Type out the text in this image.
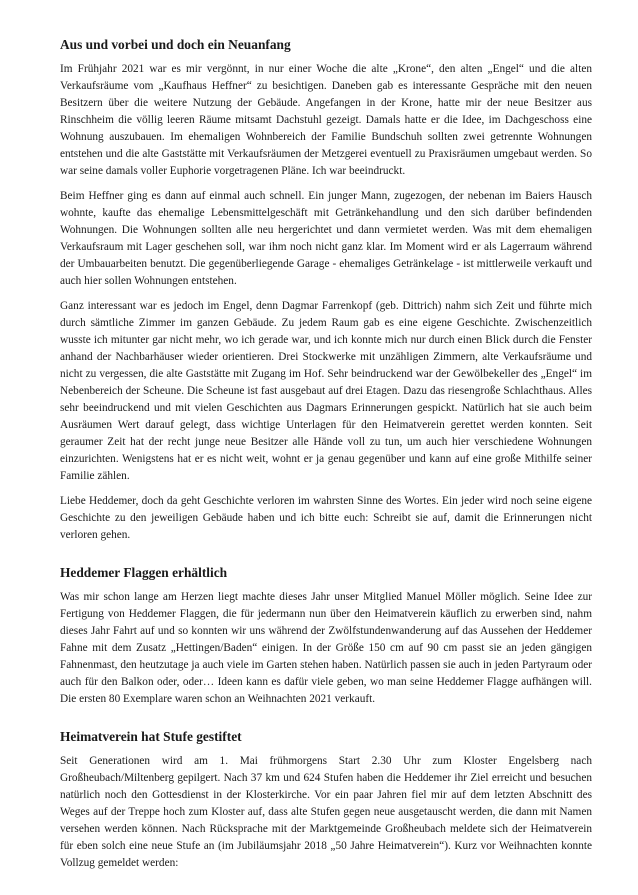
Aus und vorbei und doch ein Neuanfang

Im Frühjahr 2021 war es mir vergönnt, in nur einer Woche die alte „Krone“, den alten „Engel“ und die alten Verkaufsräume vom „Kaufhaus Heffner“ zu besichtigen. Daneben gab es interessante Gespräche mit den neuen Besitzern über die weitere Nutzung der Gebäude. Angefangen in der Krone, hatte mir der neue Besitzer aus Rinschheim die völlig leeren Räume mitsamt Dachstuhl gezeigt. Damals hatte er die Idee, im Dachgeschoss eine Wohnung auszubauen. Im ehemaligen Wohnbereich der Familie Bundschuh sollten zwei getrennte Wohnungen entstehen und die alte Gaststätte mit Verkaufsräumen der Metzgerei eventuell zu Praxisräumen umgebaut werden. So war seine damals voller Euphorie vorgetragenen Pläne. Ich war beeindruckt.

Beim Heffner ging es dann auf einmal auch schnell. Ein junger Mann, zugezogen, der nebenan im Baiers Hausch wohnte, kaufte das ehemalige Lebensmittelgeschäft mit Getränkehandlung und den sich darüber befindenden Wohnungen. Die Wohnungen sollten alle neu hergerichtet und dann vermietet werden. Was mit dem ehemaligen Verkaufsraum mit Lager geschehen soll, war ihm noch nicht ganz klar. Im Moment wird er als Lagerraum während der Umbauarbeiten benutzt. Die gegenüberliegende Garage - ehemaliges Getränkelage - ist mittlerweile verkauft und auch hier sollen Wohnungen entstehen.

Ganz interessant war es jedoch im Engel, denn Dagmar Farrenkopf (geb. Dittrich) nahm sich Zeit und führte mich durch sämtliche Zimmer im ganzen Gebäude. Zu jedem Raum gab es eine eigene Geschichte. Zwischenzeitlich wusste ich mitunter gar nicht mehr, wo ich gerade war, und ich konnte mich nur durch einen Blick durch die Fenster anhand der Nachbarhäuser wieder orientieren. Drei Stockwerke mit unzähligen Zimmern, alte Verkaufsräume und nicht zu vergessen, die alte Gaststätte mit Zugang im Hof. Sehr beindruckend war der Gewölbekeller des „Engel“ im Nebenbereich der Scheune. Die Scheune ist fast ausgebaut auf drei Etagen. Dazu das riesengroße Schlachthaus. Alles sehr beeindruckend und mit vielen Geschichten aus Dagmars Erinnerungen gespickt. Natürlich hat sie auch beim Ausräumen Wert darauf gelegt, dass wichtige Unterlagen für den Heimatverein gerettet werden konnten. Seit geraumer Zeit hat der recht junge neue Besitzer alle Hände voll zu tun, um auch hier verschiedene Wohnungen einzurichten. Wenigstens hat er es nicht weit, wohnt er ja genau gegenüber und kann auf eine große Mithilfe seiner Familie zählen.

Liebe Heddemer, doch da geht Geschichte verloren im wahrsten Sinne des Wortes. Ein jeder wird noch seine eigene Geschichte zu den jeweiligen Gebäude haben und ich bitte euch: Schreibt sie auf, damit die Erinnerungen nicht verloren gehen.

Heddemer Flaggen erhältlich

Was mir schon lange am Herzen liegt machte dieses Jahr unser Mitglied Manuel Möller möglich. Seine Idee zur Fertigung von Heddemer Flaggen, die für jedermann nun über den Heimatverein käuflich zu erwerben sind, nahm dieses Jahr Fahrt auf und so konnten wir uns während der Zwölfstundenwanderung auf das Aussehen der Heddemer Fahne mit dem Zusatz „Hettingen/Baden“ einigen. In der Größe 150 cm auf 90 cm passt sie an jeden gängigen Fahnenmast, den heutzutage ja auch viele im Garten stehen haben. Natürlich passen sie auch in jeden Partyraum oder auch für den Balkon oder, oder… Ideen kann es dafür viele geben, wo man seine Heddemer Flagge aufhängen will. Die ersten 80 Exemplare waren schon an Weihnachten 2021 verkauft.

Heimatverein hat Stufe gestiftet

Seit Generationen wird am 1. Mai frühmorgens Start 2.30 Uhr zum Kloster Engelsberg nach Großheubach/Miltenberg gepilgert. Nach 37 km und 624 Stufen haben die Heddemer ihr Ziel erreicht und besuchen natürlich noch den Gottesdienst in der Klosterkirche. Vor ein paar Jahren fiel mir auf dem letzten Abschnitt des Weges auf der Treppe hoch zum Kloster auf, dass alte Stufen gegen neue ausgetauscht werden, die dann mit Namen versehen werden können. Nach Rücksprache mit der Marktgemeinde Großheubach meldete sich der Heimatverein für eben solch eine neue Stufe an (im Jubiläumsjahr 2018 „50 Jahre Heimatverein“). Kurz vor Weihnachten konnte Vollzug gemeldet werden:
